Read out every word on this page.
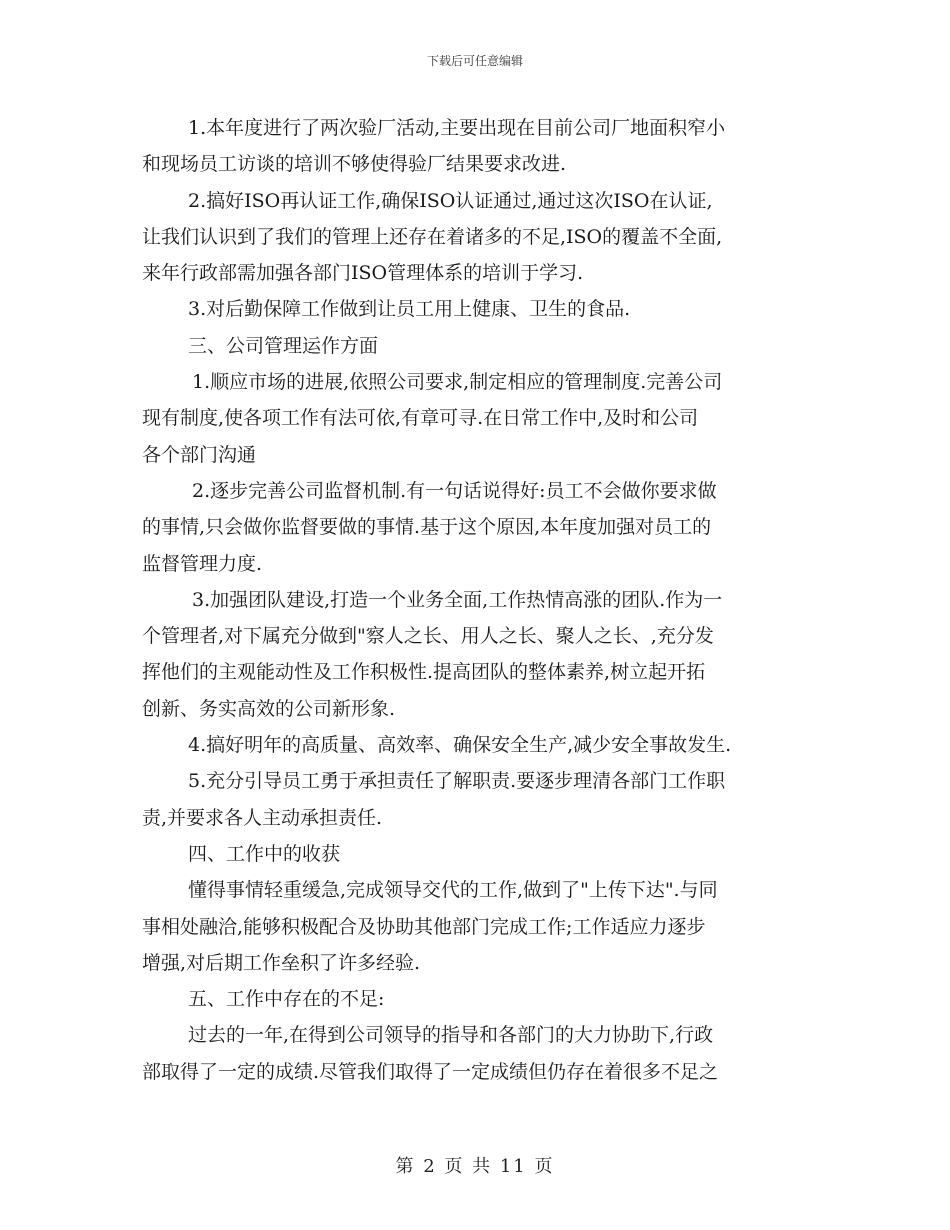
下载后可任意编辑
1.本年度进行了两次验厂活动,主要出现在目前公司厂地面积窄小
和现场员工访谈的培训不够使得验厂结果要求改进.
2.搞好ISO再认证工作,确保ISO认证通过,通过这次ISO在认证,
让我们认识到了我们的管理上还存在着诸多的不足,ISO的覆盖不全面,
来年行政部需加强各部门ISO管理体系的培训于学习.
3.对后勤保障工作做到让员工用上健康、卫生的食品.
三、公司管理运作方面
1.顺应市场的进展,依照公司要求,制定相应的管理制度.完善公司
现有制度,使各项工作有法可依,有章可寻.在日常工作中,及时和公司
各个部门沟通
2.逐步完善公司监督机制.有一句话说得好:员工不会做你要求做
的事情,只会做你监督要做的事情.基于这个原因,本年度加强对员工的
监督管理力度.
3.加强团队建设,打造一个业务全面,工作热情高涨的团队.作为一
个管理者,对下属充分做到"察人之长、用人之长、聚人之长、,充分发
挥他们的主观能动性及工作积极性.提高团队的整体素养,树立起开拓
创新、务实高效的公司新形象.
4.搞好明年的高质量、高效率、确保安全生产,减少安全事故发生.
5.充分引导员工勇于承担责任了解职责.要逐步理清各部门工作职
责,并要求各人主动承担责任.
四、工作中的收获
懂得事情轻重缓急,完成领导交代的工作,做到了"上传下达".与同
事相处融洽,能够积极配合及协助其他部门完成工作;工作适应力逐步
增强,对后期工作垒积了许多经验.
五、工作中存在的不足:
过去的一年,在得到公司领导的指导和各部门的大力协助下,行政
部取得了一定的成绩.尽管我们取得了一定成绩但仍存在着很多不足之
第 2 页 共 11 页
